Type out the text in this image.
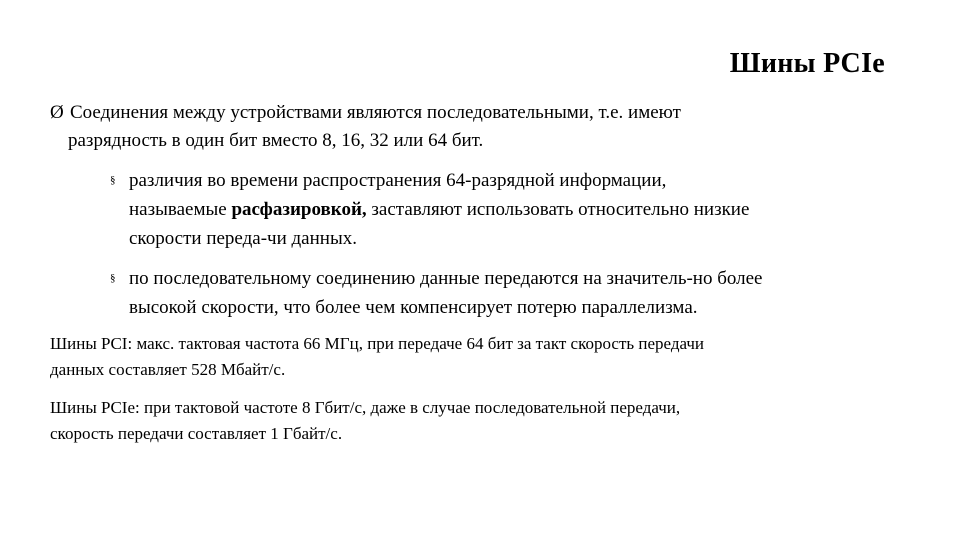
Шины PCIe
Ø Соединения между устройствами являются последовательными, т.е. имеют
разрядность в один бит вместо 8, 16, 32 или 64 бит.
§ различия во времени распространения 64-разрядной информации,
называемые расфазировкой, заставляют использовать относительно низкие
скорости переда-чи данных.
§ по последовательному соединению данные передаются на значитель-но более
высокой скорости, что более чем компенсирует потерю параллелизма.
Шины PCI: макс. тактовая частота 66 МГц, при передаче 64 бит за такт скорость передачи
данных составляет 528 Мбайт/с.
Шины PCIe: при тактовой частоте 8 Гбит/с, даже в случае последовательной передачи,
скорость передачи составляет 1 Гбайт/с.
